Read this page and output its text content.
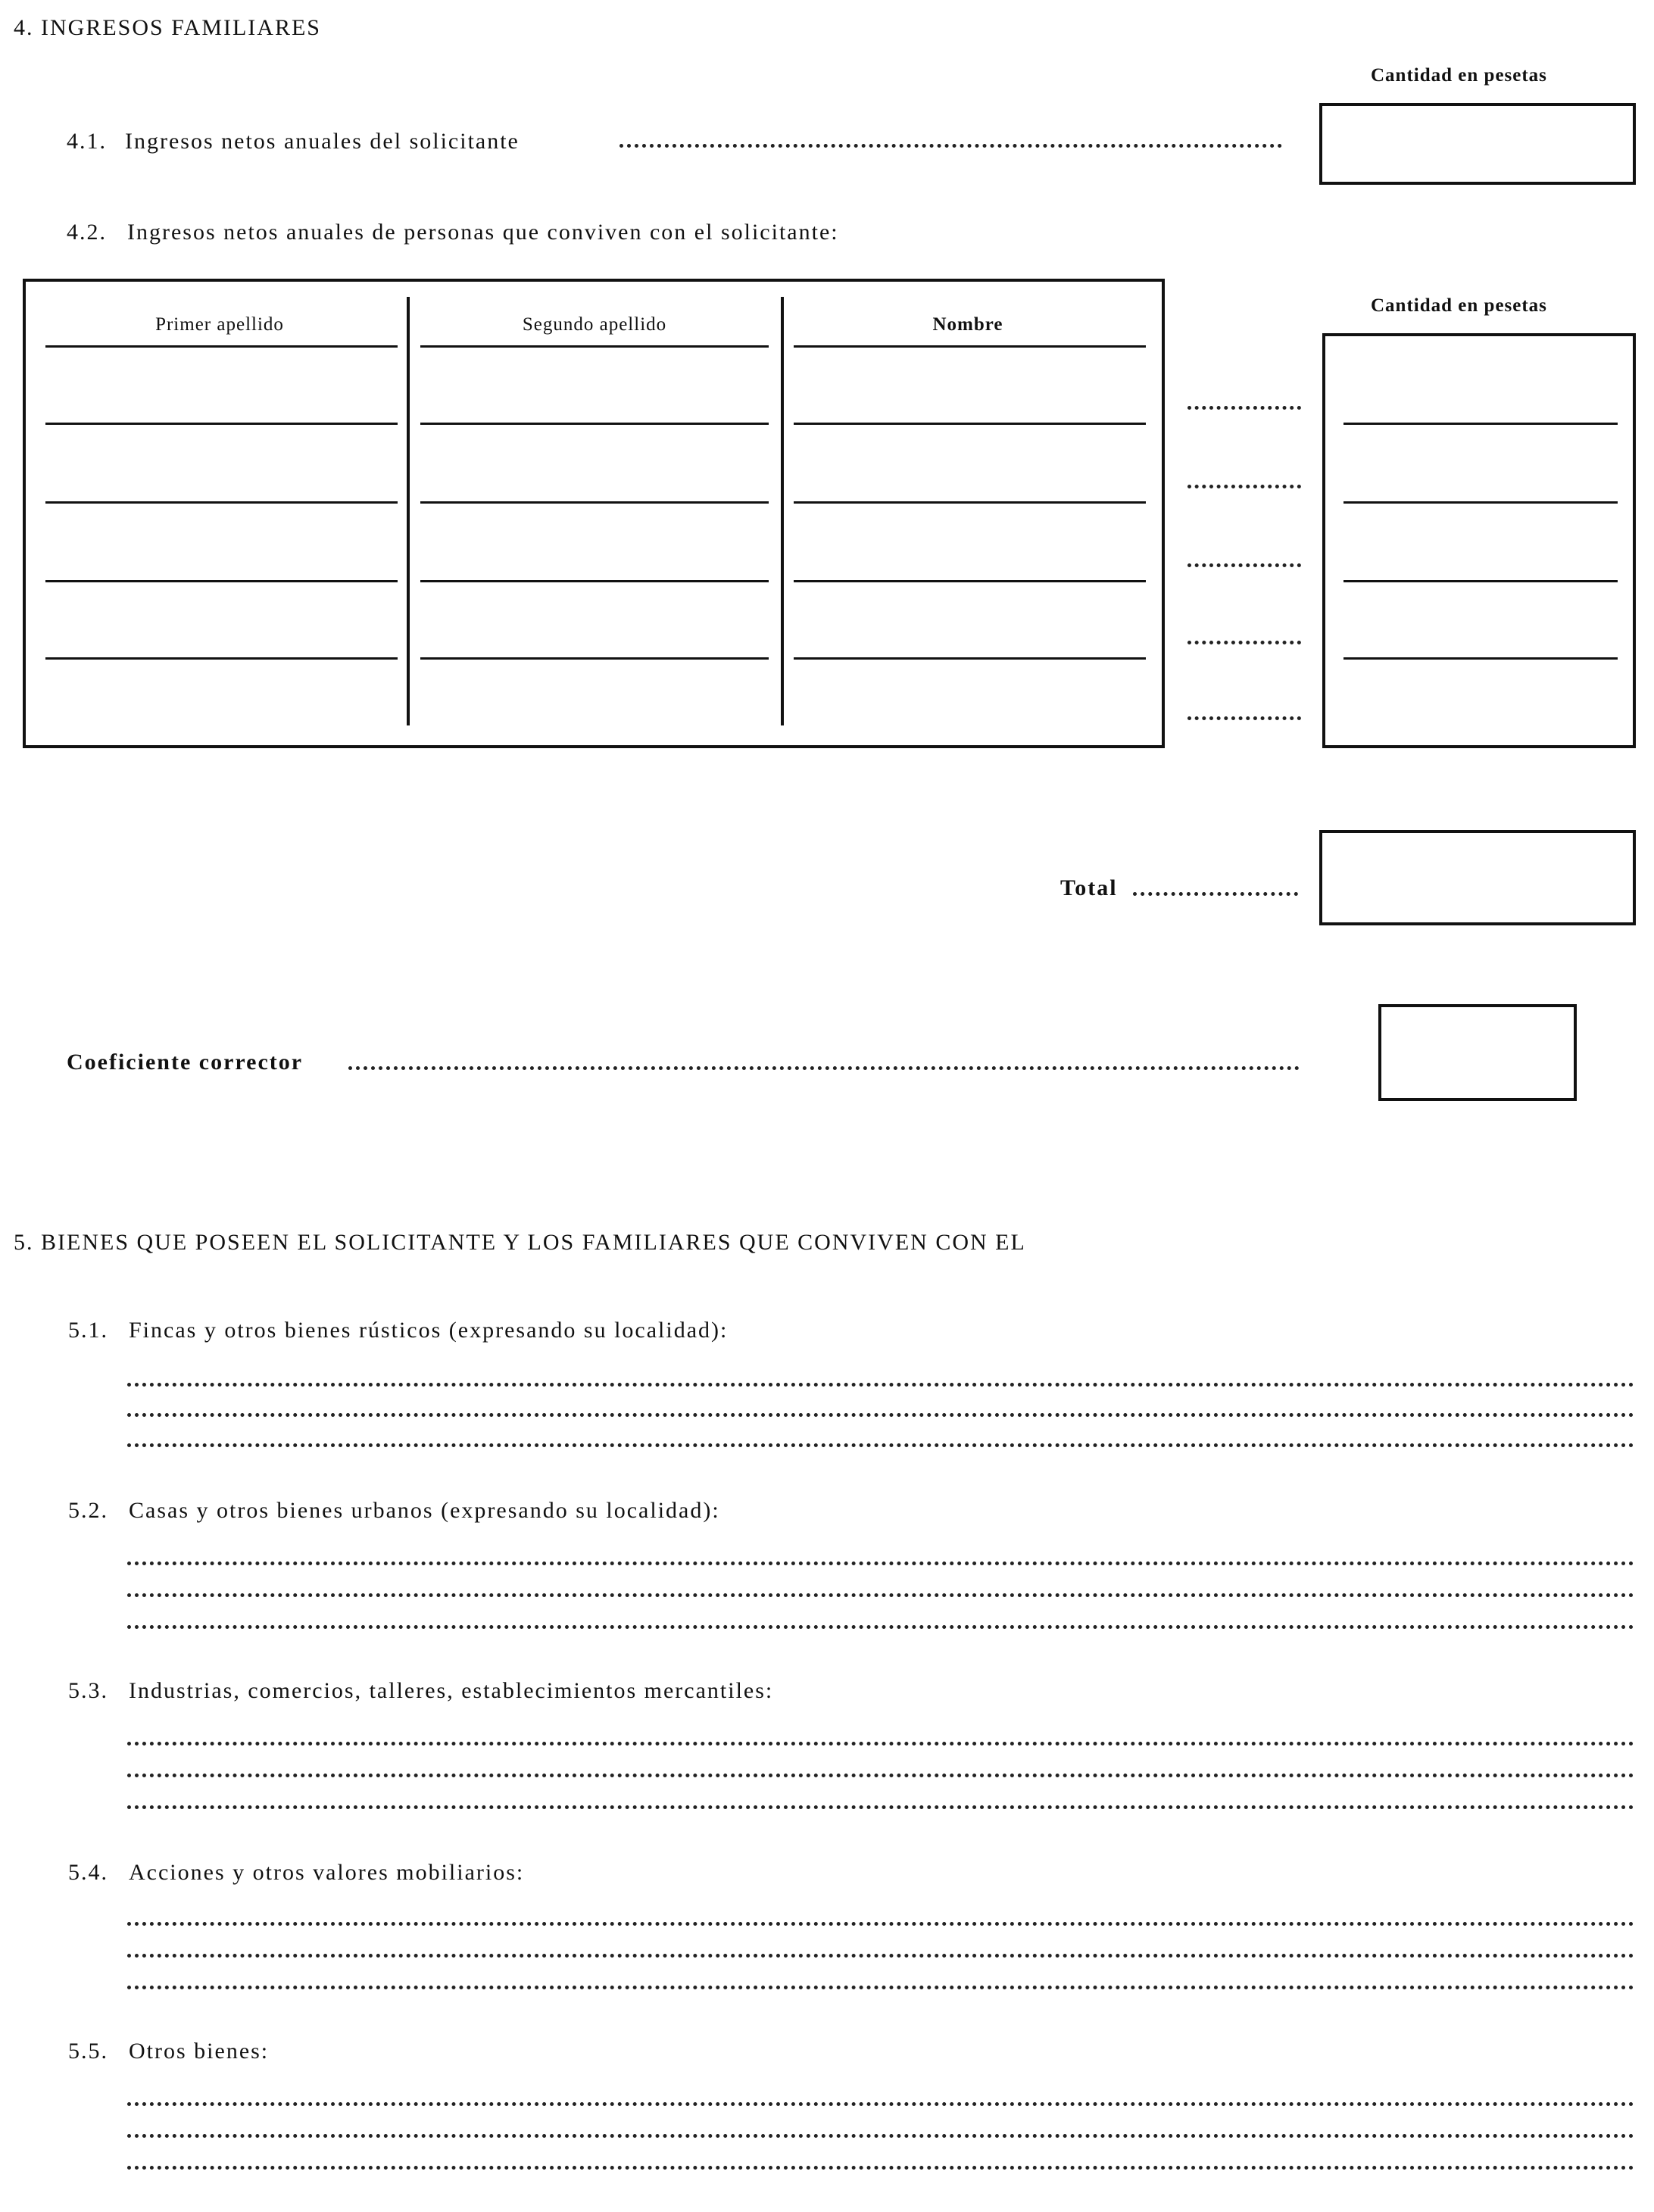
4. INGRESOS FAMILIARES
Cantidad en pesetas
4.1. Ingresos netos anuales del solicitante
4.2. Ingresos netos anuales de personas que conviven con el solicitante:
Primer apellido	Segundo apellido	Nombre
Cantidad en pesetas
Total
Coeficiente corrector
5. BIENES QUE POSEEN EL SOLICITANTE Y LOS FAMILIARES QUE CONVIVEN CON EL
5.1. Fincas y otros bienes rústicos (expresando su localidad):
5.2. Casas y otros bienes urbanos (expresando su localidad):
5.3. Industrias, comercios, talleres, establecimientos mercantiles:
5.4. Acciones y otros valores mobiliarios:
5.5. Otros bienes:
